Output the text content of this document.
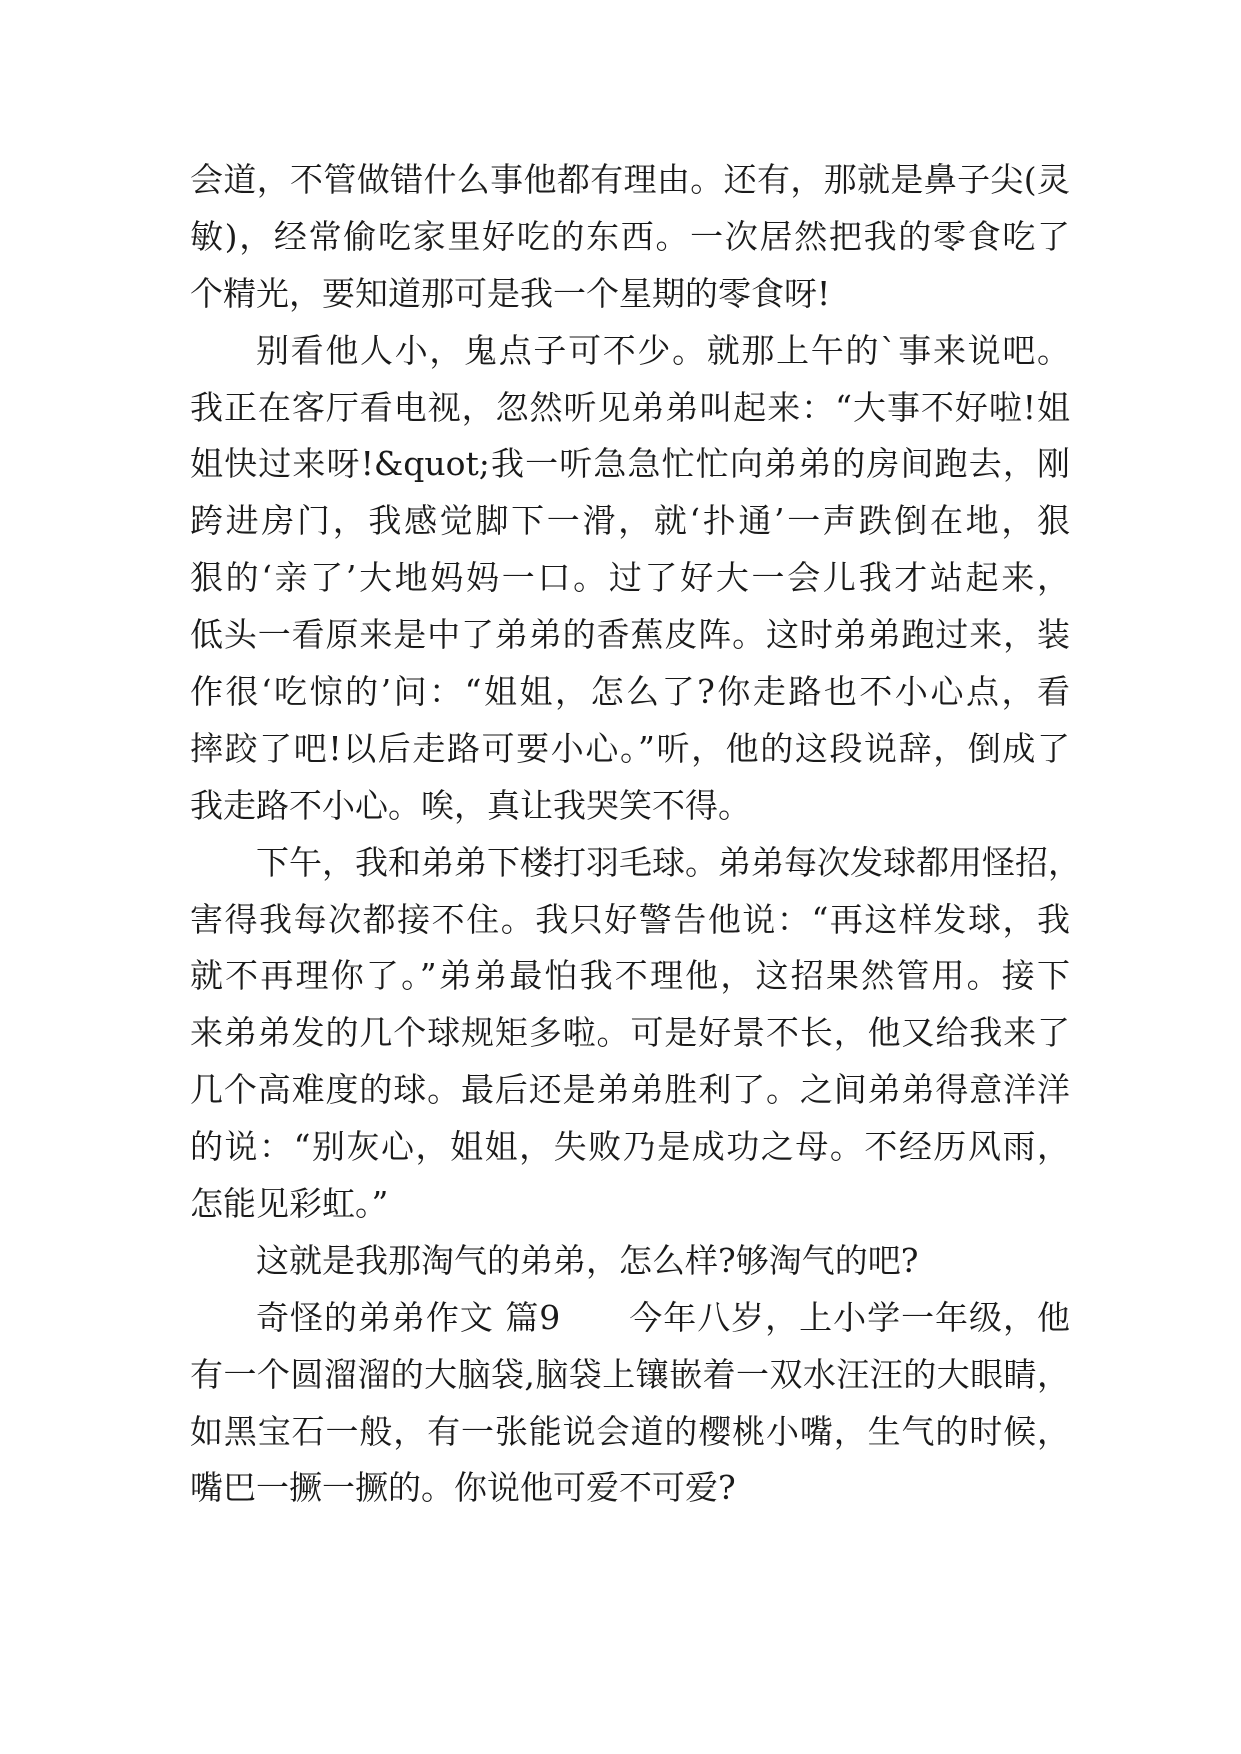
会道，不管做错什么事他都有理由。还有，那就是鼻子尖(灵
敏)，经常偷吃家里好吃的东西。一次居然把我的零食吃了
个精光，要知道那可是我一个星期的零食呀!
别看他人小，鬼点子可不少。就那上午的`事来说吧。
我正在客厅看电视，忽然听见弟弟叫起来：“大事不好啦!姐
姐快过来呀!&quot;我一听急急忙忙向弟弟的房间跑去，刚
跨进房门，我感觉脚下一滑，就‘扑通’一声跌倒在地，狠
狠的‘亲了’大地妈妈一口。过了好大一会儿我才站起来，
低头一看原来是中了弟弟的香蕉皮阵。这时弟弟跑过来，装
作很‘吃惊的’问：“姐姐，怎么了?你走路也不小心点，看
摔跤了吧!以后走路可要小心。”听，他的这段说辞，倒成了
我走路不小心。唉，真让我哭笑不得。
下午，我和弟弟下楼打羽毛球。弟弟每次发球都用怪招，
害得我每次都接不住。我只好警告他说：“再这样发球，我
就不再理你了。”弟弟最怕我不理他，这招果然管用。接下
来弟弟发的几个球规矩多啦。可是好景不长，他又给我来了
几个高难度的球。最后还是弟弟胜利了。之间弟弟得意洋洋
的说：“别灰心，姐姐，失败乃是成功之母。不经历风雨，
怎能见彩虹。”
这就是我那淘气的弟弟，怎么样?够淘气的吧?
奇怪的弟弟作文 篇9　　今年八岁，上小学一年级，他
有一个圆溜溜的大脑袋,脑袋上镶嵌着一双水汪汪的大眼睛，
如黑宝石一般，有一张能说会道的樱桃小嘴，生气的时候，
嘴巴一撅一撅的。你说他可爱不可爱?
